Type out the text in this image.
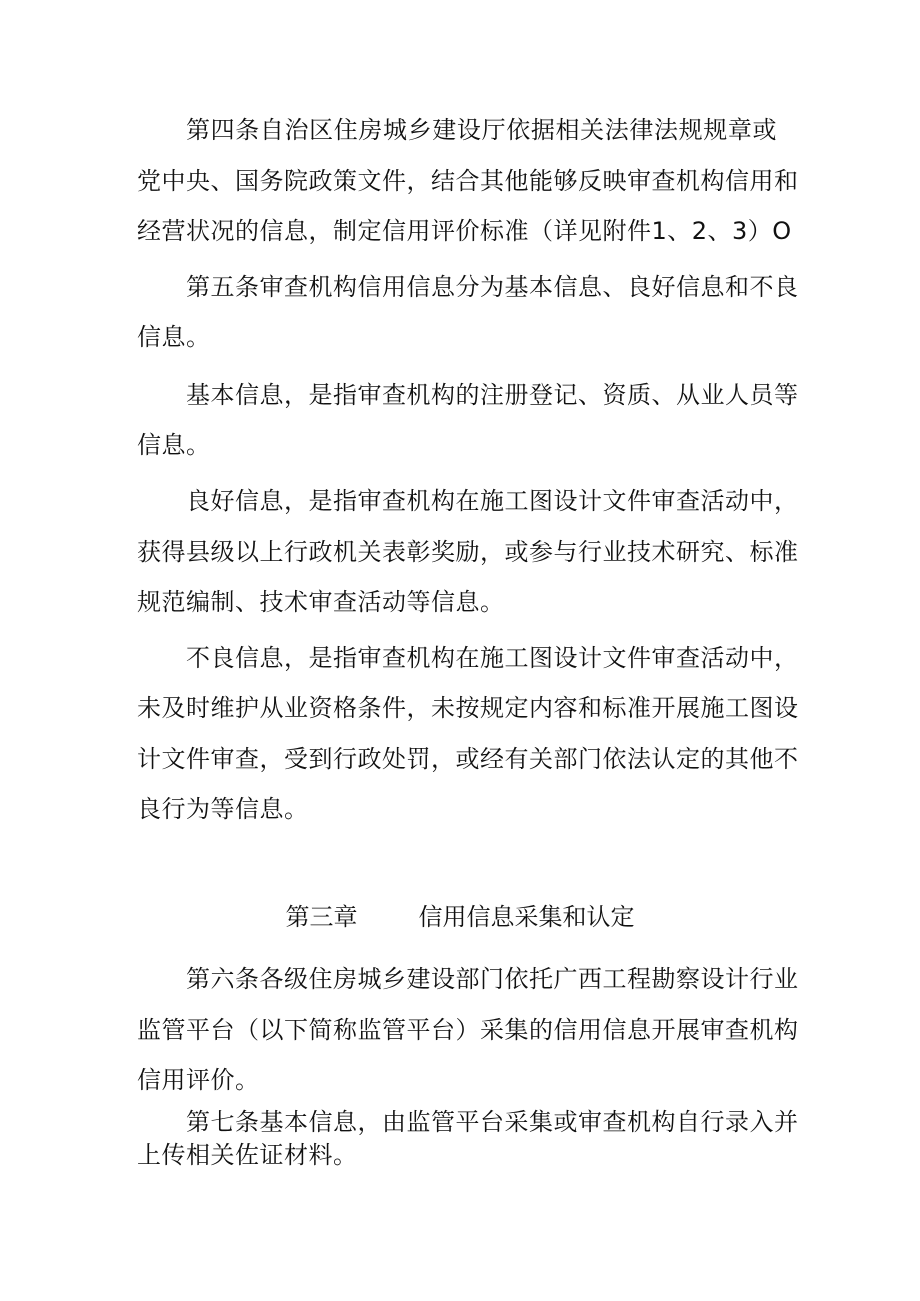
第四条自治区住房城乡建设厅依据相关法律法规规章或
党中央、国务院政策文件，结合其他能够反映审查机构信用和
经营状况的信息，制定信用评价标准（详见附件1、2、3）O
第五条审查机构信用信息分为基本信息、良好信息和不良
信息。
基本信息，是指审查机构的注册登记、资质、从业人员等
信息。
良好信息，是指审查机构在施工图设计文件审查活动中，
获得县级以上行政机关表彰奖励，或参与行业技术研究、标准
规范编制、技术审查活动等信息。
不良信息，是指审查机构在施工图设计文件审查活动中，
未及时维护从业资格条件，未按规定内容和标准开展施工图设
计文件审查，受到行政处罚，或经有关部门依法认定的其他不
良行为等信息。
第三章        信用信息采集和认定
第六条各级住房城乡建设部门依托广西工程勘察设计行业
监管平台（以下简称监管平台）采集的信用信息开展审查机构
信用评价。
第七条基本信息，由监管平台采集或审查机构自行录入并
上传相关佐证材料。
